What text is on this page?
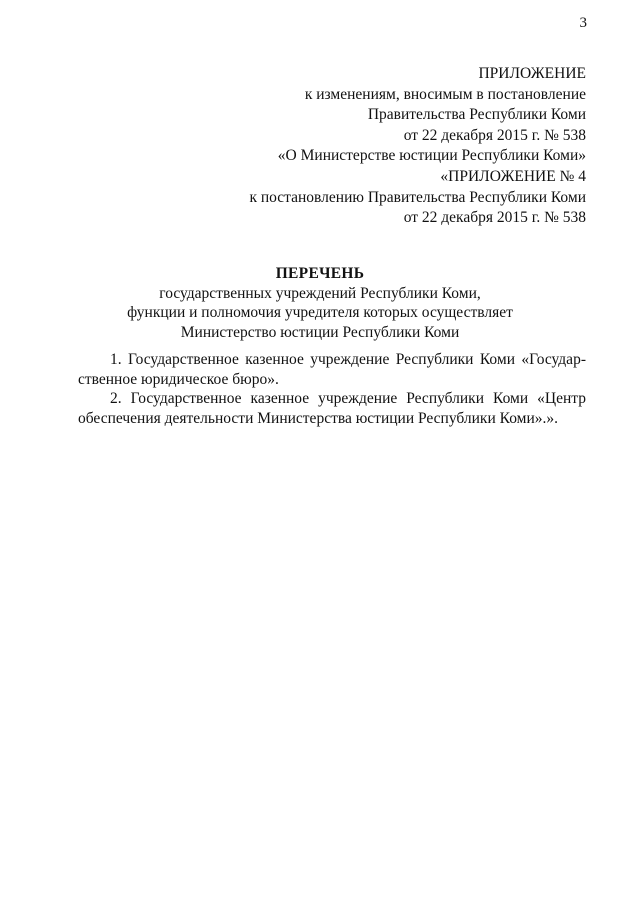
3
ПРИЛОЖЕНИЕ
к изменениям, вносимым в постановление
Правительства Республики Коми
от 22 декабря 2015 г. № 538
«О Министерстве юстиции Республики Коми»
«ПРИЛОЖЕНИЕ № 4
к постановлению Правительства Республики Коми
от 22 декабря 2015 г. № 538
ПЕРЕЧЕНЬ
государственных учреждений Республики Коми,
функции и полномочия учредителя которых осуществляет
Министерство юстиции Республики Коми

1. Государственное казенное учреждение Республики Коми «Государственное юридическое бюро».

2. Государственное казенное учреждение Республики Коми «Центр обеспечения деятельности Министерства юстиции Республики Коми».».
